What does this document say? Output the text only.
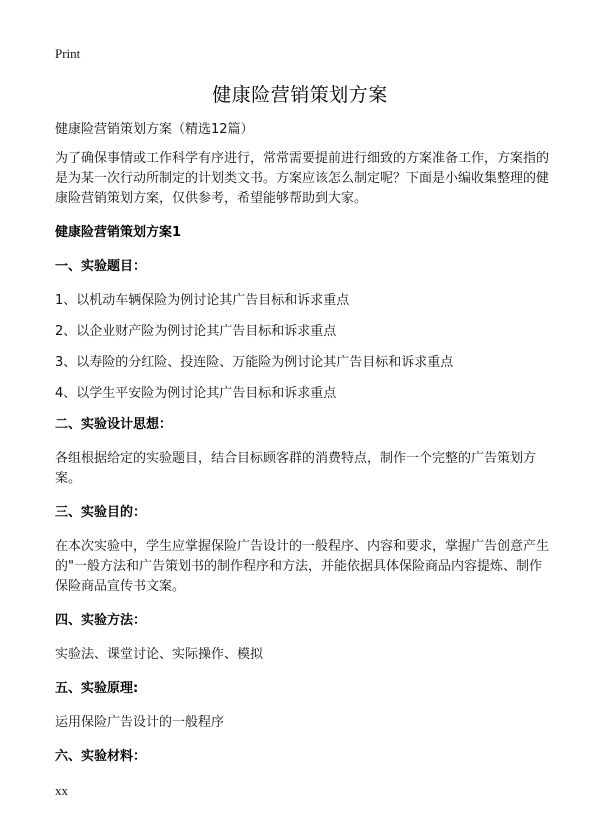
Print
健康险营销策划方案

健康险营销策划方案（精选12篇）

为了确保事情或工作科学有序进行，常常需要提前进行细致的方案准备工作，方案指的是为某一次行动所制定的计划类文书。方案应该怎么制定呢？下面是小编收集整理的健康险营销策划方案，仅供参考，希望能够帮助到大家。

健康险营销策划方案1

一、实验题目：

1、以机动车辆保险为例讨论其广告目标和诉求重点

2、以企业财产险为例讨论其广告目标和诉求重点

3、以寿险的分红险、投连险、万能险为例讨论其广告目标和诉求重点

4、以学生平安险为例讨论其广告目标和诉求重点

二、实验设计思想：

各组根据给定的实验题目，结合目标顾客群的消费特点，制作一个完整的广告策划方案。

三、实验目的：

在本次实验中，学生应掌握保险广告设计的一般程序、内容和要求，掌握广告创意产生的"一般方法和广告策划书的制作程序和方法，并能依据具体保险商品内容提炼、制作保险商品宣传书文案。

四、实验方法：

实验法、课堂讨论、实际操作、模拟

五、实验原理:

运用保险广告设计的一般程序

六、实验材料：

xx
